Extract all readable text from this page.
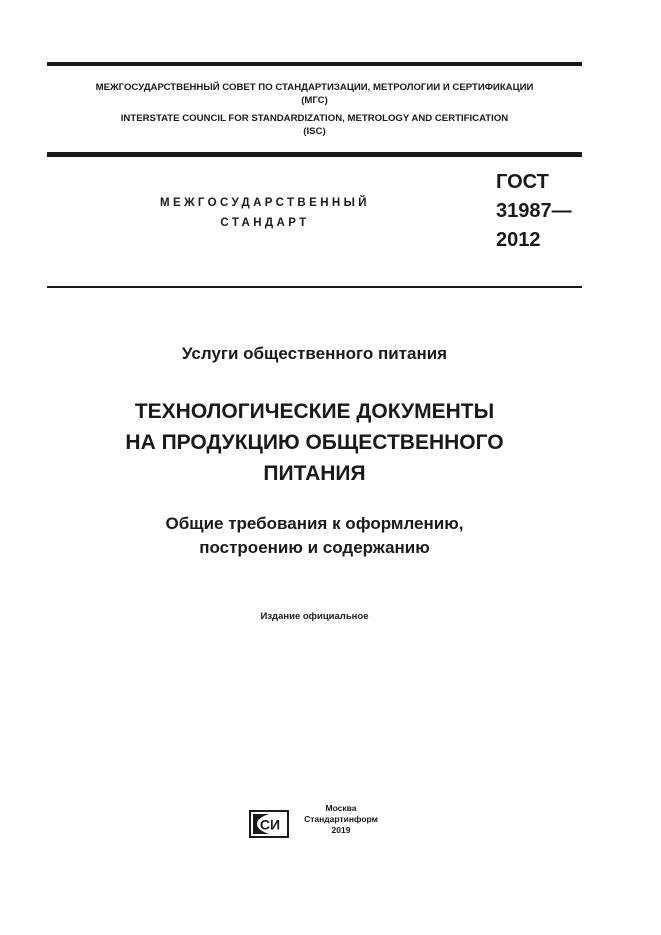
МЕЖГОСУДАРСТВЕННЫЙ СОВЕТ ПО СТАНДАРТИЗАЦИИ, МЕТРОЛОГИИ И СЕРТИФИКАЦИИ
(МГС)
INTERSTATE COUNCIL FOR STANDARDIZATION, METROLOGY AND CERTIFICATION
(ISC)
МЕЖГОСУДАРСТВЕННЫЙ
СТАНДАРТ
ГОСТ
31987—
2012
Услуги общественного питания
ТЕХНОЛОГИЧЕСКИЕ ДОКУМЕНТЫ
НА ПРОДУКЦИЮ ОБЩЕСТВЕННОГО
ПИТАНИЯ
Общие требования к оформлению,
построению и содержанию
Издание официальное
СИ
Москва
Стандартинформ
2019
